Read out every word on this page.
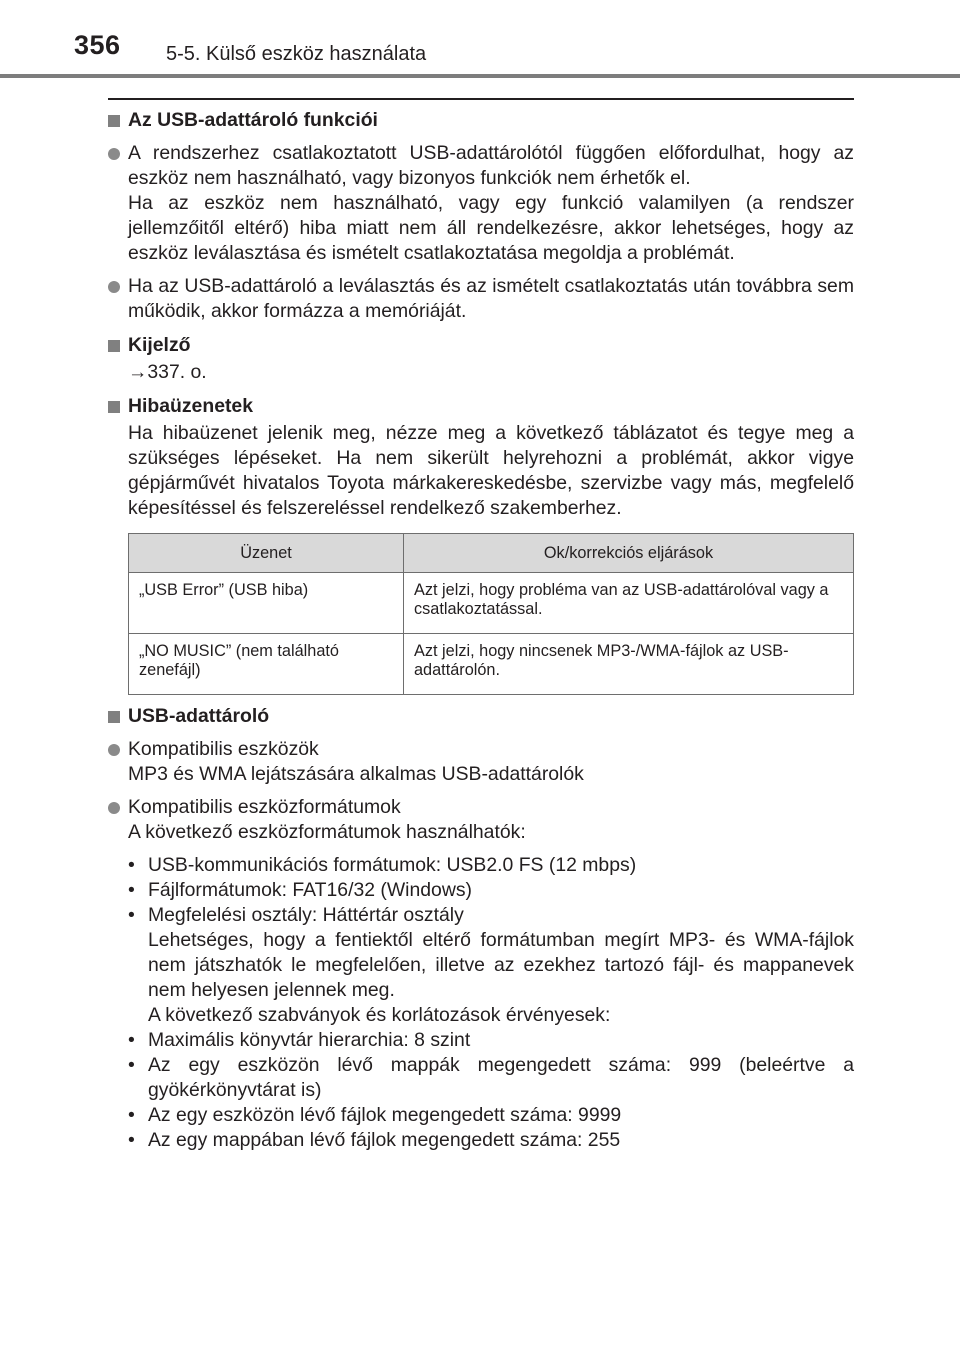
356 5-5. Külső eszköz használata
Az USB-adattároló funkciói

A rendszerhez csatlakoztatott USB-adattárolótól függően előfordulhat, hogy az eszköz nem használható, vagy bizonyos funkciók nem érhetők el.

Ha az eszköz nem használható, vagy egy funkció valamilyen (a rendszer jellemzőitől eltérő) hiba miatt nem áll rendelkezésre, akkor lehetséges, hogy az eszköz leválasztása és ismételt csatlakoztatása megoldja a problémát.

Ha az USB-adattároló a leválasztás és az ismételt csatlakoztatás után továbbra sem működik, akkor formázza a memóriáját.

Kijelző

→337. o.

Hibaüzenetek

Ha hibaüzenet jelenik meg, nézze meg a következő táblázatot és tegye meg a szükséges lépéseket. Ha nem sikerült helyrehozni a problémát, akkor vigye gépjárművét hivatalos Toyota márkakereskedésbe, szervizbe vagy más, megfelelő képesítéssel és felszereléssel rendelkező szakemberhez.

Üzenet	Ok/korrekciós eljárások
„USB Error” (USB hiba)	Azt jelzi, hogy probléma van az USB-adattárolóval vagy a csatlakoztatással.
„NO MUSIC” (nem található zenefájl)	Azt jelzi, hogy nincsenek MP3-/WMA-fájlok az USB-adattárolón.
USB-adattároló

Kompatibilis eszközök

MP3 és WMA lejátszására alkalmas USB-adattárolók

Kompatibilis eszközformátumok

A következő eszközformátumok használhatók:

• USB-kommunikációs formátumok: USB2.0 FS (12 mbps)
• Fájlformátumok: FAT16/32 (Windows)
• Megfelelési osztály: Háttértár osztály
Lehetséges, hogy a fentiektől eltérő formátumban megírt MP3- és WMA-fájlok nem játszhatók le megfelelően, illetve az ezekhez tartozó fájl- és mappanevek nem helyesen jelennek meg.
A következő szabványok és korlátozások érvényesek:
• Maximális könyvtár hierarchia: 8 szint
• Az egy eszközön lévő mappák megengedett száma: 999 (beleértve a gyökérkönyvtárat is)
• Az egy eszközön lévő fájlok megengedett száma: 9999
• Az egy mappában lévő fájlok megengedett száma: 255
